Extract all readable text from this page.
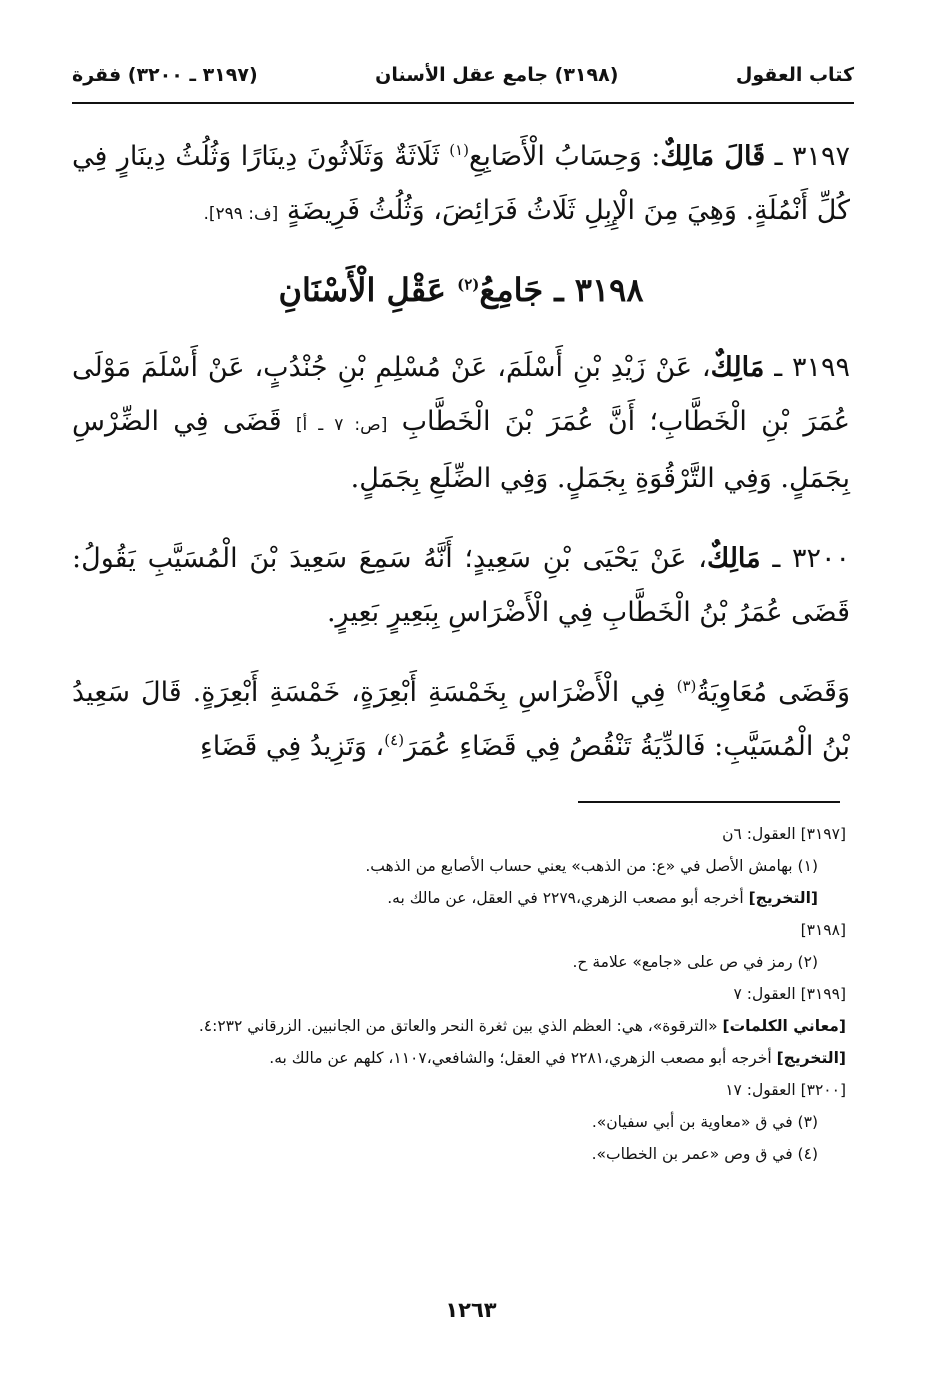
كتاب العقول
(٣١٩٨) جامع عقل الأسنان
(٣١٩٧ ـ ٣٢٠٠) فقرة

٣١٩٧ ـ قَالَ مَالِكٌ: وَحِسَابُ الْأَصَابِعِ$^{(١)}$ ثَلَاثَةٌ وَثَلَاثُونَ دِينَارًا وَثُلُثُ دِينَارٍ فِي كُلِّ أَنْمُلَةٍ. وَهِيَ مِنَ الْإِبِلِ ثَلَاثُ فَرَائِضَ، وَثُلُثُ فَرِيضَةٍ [ف: ٢٩٩].

٣١٩٨ ـ جَامِعُ$^{(٢)}$ عَقْلِ الْأَسْنَانِ

٣١٩٩ ـ مَالِكٌ، عَنْ زَيْدِ بْنِ أَسْلَمَ، عَنْ مُسْلِمِ بْنِ جُنْدُبٍ، عَنْ أَسْلَمَ مَوْلَى عُمَرَ بْنِ الْخَطَّابِ؛ أَنَّ عُمَرَ بْنَ الْخَطَّابِ [ص: ٧ ـ أ] قَضَى فِي الضِّرْسِ بِجَمَلٍ. وَفِي التَّرْقُوَةِ بِجَمَلٍ. وَفِي الضِّلَعِ بِجَمَلٍ.

٣٢٠٠ ـ مَالِكٌ، عَنْ يَحْيَى بْنِ سَعِيدٍ؛ أَنَّهُ سَمِعَ سَعِيدَ بْنَ الْمُسَيَّبِ يَقُولُ: قَضَى عُمَرُ بْنُ الْخَطَّابِ فِي الْأَضْرَاسِ بِبَعِيرٍ بَعِيرٍ.

وَقَضَى مُعَاوِيَةُ$^{(٣)}$ فِي الْأَضْرَاسِ بِخَمْسَةِ أَبْعِرَةٍ، خَمْسَةِ أَبْعِرَةٍ. قَالَ سَعِيدُ بْنُ الْمُسَيَّبِ: فَالدِّيَةُ تَنْقُصُ فِي قَضَاءِ عُمَرَ$^{(٤)}$، وَتَزِيدُ فِي قَضَاءِ

[٣١٩٧] العقول: ٦ن

(١) بهامش الأصل في «ع: من الذهب» يعني حساب الأصابع من الذهب.

[التخريج] أخرجه أبو مصعب الزهري،٢٢٧٩ في العقل، عن مالك به.

[٣١٩٨]

(٢) رمز في ص على «جامع» علامة ح.

[٣١٩٩] العقول: ٧

[معاني الكلمات] «الترقوة»، هي: العظم الذي بين ثغرة النحر والعاتق من الجانبين. الزرقاني ٤:٢٣٢.

[التخريج] أخرجه أبو مصعب الزهري،٢٢٨١ في العقل؛ والشافعي،١١٠٧، كلهم عن مالك به.

[٣٢٠٠] العقول: ١٧

(٣) في ق «معاوية بن أبي سفيان».

(٤) في ق وص «عمر بن الخطاب».

١٢٦٣
